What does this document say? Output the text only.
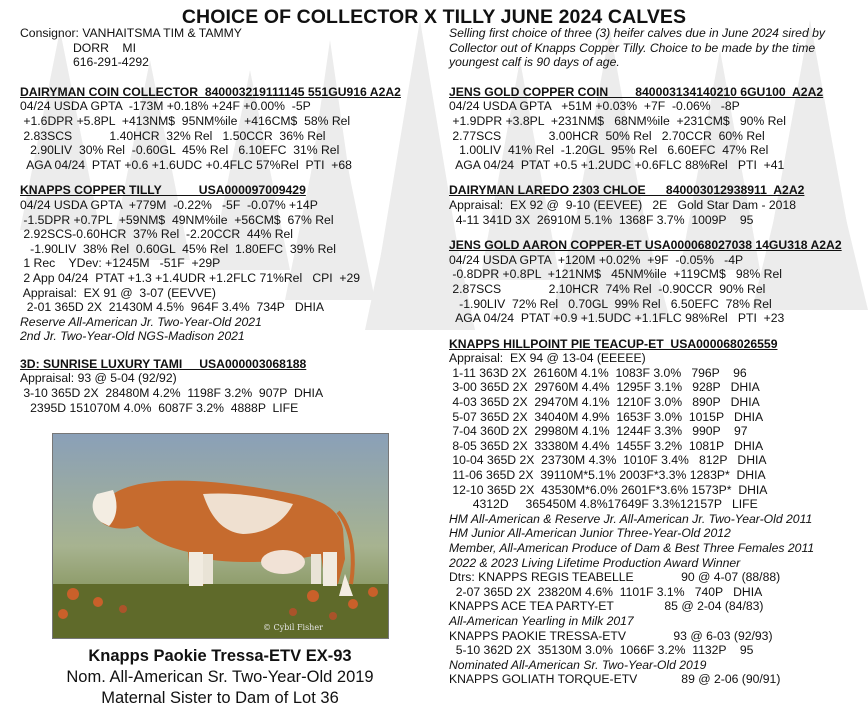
CHOICE OF COLLECTOR X TILLY JUNE 2024 CALVES
Consignor: VANHAITSMA TIM & TAMMY
DORR    MI
616-291-4292
DAIRYMAN COIN COLLECTOR  840003219111145 551GU916 A2A2
04/24 USDA GPTA  -173M +0.18% +24F +0.00%  -5P
+1.6DPR +5.8PL  +413NM$  95NM%ile  +416CM$  58% Rel
2.83SCS           1.40HCR  32% Rel   1.50CCR  36% Rel
2.90LIV  30% Rel  -0.60GL  45% Rel   6.10EFC  31% Rel
AGA 04/24  PTAT +0.6 +1.6UDC +0.4FLC 57%Rel  PTI  +68
KNAPPS COPPER TILLY           USA000097009429
04/24 USDA GPTA  +779M  -0.22%   -5F  -0.07% +14P
-1.5DPR +0.7PL  +59NM$  49NM%ile  +56CM$  67% Rel
2.92SCS-0.60HCR  37% Rel  -2.20CCR  44% Rel
-1.90LIV  38% Rel  0.60GL  45% Rel  1.80EFC  39% Rel
1 Rec    YDev: +1245M   -51F  +29P
2 App 04/24  PTAT +1.3 +1.4UDR +1.2FLC 71%Rel   CPI  +29
Appraisal:  EX 91 @  3-07 (EEVVE)
2-01 365D 2X  21430M 4.5%  964F 3.4%  734P   DHIA
Reserve All-American Jr. Two-Year-Old 2021
2nd Jr. Two-Year-Old NGS-Madison 2021
3D: SUNRISE LUXURY TAMI     USA000003068188
Appraisal: 93 @ 5-04 (92/92)
3-10 365D 2X  28480M 4.2%  1198F 3.2%  907P  DHIA
2395D 151070M 4.0%  6087F 3.2%  4888P  LIFE
© Cybil Fisher
Knapps Paokie Tressa-ETV EX-93
Nom. All-American Sr. Two-Year-Old 2019
Maternal Sister to Dam of Lot 36
Selling first choice of three (3) heifer calves due in June 2024 sired by Collector out of Knapps Copper Tilly. Choice to be made by the time youngest calf is 90 days of age.
JENS GOLD COPPER COIN        840003134140210 6GU100  A2A2
04/24 USDA GPTA   +51M +0.03%  +7F  -0.06%   -8P
+1.9DPR +3.8PL  +231NM$   68NM%ile  +231CM$   90% Rel
2.77SCS              3.00HCR  50% Rel   2.70CCR  60% Rel
1.00LIV  41% Rel  -1.20GL  95% Rel   6.60EFC  47% Rel
AGA 04/24  PTAT +0.5 +1.2UDC +0.6FLC 88%Rel   PTI  +41
DAIRYMAN LAREDO 2303 CHLOE      840003012938911  A2A2
Appraisal:  EX 92 @  9-10 (EEVEE)   2E   Gold Star Dam - 2018
4-11 341D 3X  26910M 5.1%  1368F 3.7%  1009P    95
JENS GOLD AARON COPPER-ET USA000068027038 14GU318 A2A2
04/24 USDA GPTA  +120M +0.02%  +9F  -0.05%   -4P
-0.8DPR +0.8PL  +121NM$   45NM%ile  +119CM$   98% Rel
2.87SCS              2.10HCR  74% Rel  -0.90CCR  90% Rel
-1.90LIV  72% Rel   0.70GL  99% Rel   6.50EFC  78% Rel
AGA 04/24  PTAT +0.9 +1.5UDC +1.1FLC 98%Rel   PTI  +23
KNAPPS HILLPOINT PIE TEACUP-ET  USA000068026559
Appraisal:  EX 94 @ 13-04 (EEEEE)
1-11 363D 2X  26160M 4.1%  1083F 3.0%   796P    96
3-00 365D 2X  29760M 4.4%  1295F 3.1%   928P   DHIA
4-03 365D 2X  29470M 4.1%  1210F 3.0%   890P   DHIA
5-07 365D 2X  34040M 4.9%  1653F 3.0%  1015P   DHIA
7-04 360D 2X  29980M 4.1%  1244F 3.3%   990P    97
8-05 365D 2X  33380M 4.4%  1455F 3.2%  1081P   DHIA
10-04 365D 2X  23730M 4.3%  1010F 3.4%   812P   DHIA
11-06 365D 2X  39110M*5.1% 2003F*3.3% 1283P*  DHIA
12-10 365D 2X  43530M*6.0% 2601F*3.6% 1573P*  DHIA
4312D     365450M 4.8%17649F 3.3%12157P   LIFE
HM All-American & Reserve Jr. All-American Jr. Two-Year-Old 2011
HM Junior All-American Junior Three-Year-Old 2012
Member, All-American Produce of Dam & Best Three Females 2011
2022 & 2023 Living Lifetime Production Award Winner
Dtrs: KNAPPS REGIS TEABELLE              90 @ 4-07 (88/88)
2-07 365D 2X  23820M 4.6%  1101F 3.1%   740P   DHIA
KNAPPS ACE TEA PARTY-ET               85 @ 2-04 (84/83)
All-American Yearling in Milk 2017
KNAPPS PAOKIE TRESSA-ETV              93 @ 6-03 (92/93)
5-10 362D 2X  35130M 3.0%  1066F 3.2%  1132P    95
Nominated All-American Sr. Two-Year-Old 2019
KNAPPS GOLIATH TORQUE-ETV             89 @ 2-06 (90/91)
